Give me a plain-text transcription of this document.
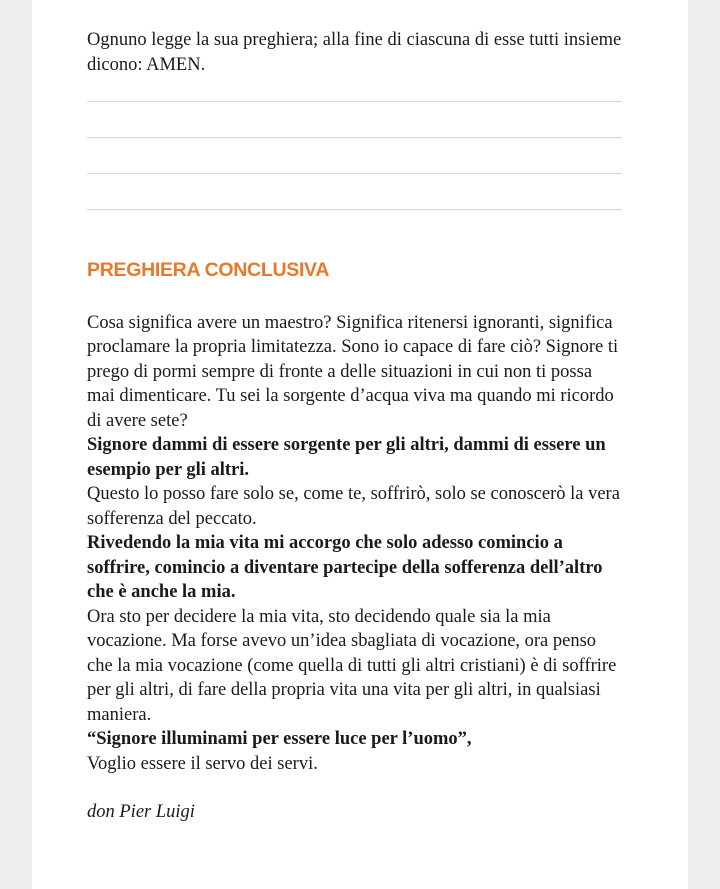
Ognuno legge la sua preghiera; alla fine di ciascuna di esse tutti insieme dicono: AMEN.

PREGHIERA CONCLUSIVA

Cosa significa avere un maestro? Significa ritenersi ignoranti, significa proclamare la propria limitatezza. Sono io capace di fare ciò? Signore ti prego di pormi sempre di fronte a delle situazioni in cui non ti possa mai dimenticare. Tu sei la sorgente d’acqua viva ma quando mi ricordo di avere sete?

Signore dammi di essere sorgente per gli altri, dammi di essere un esempio per gli altri.

Questo lo posso fare solo se, come te, soffrirò, solo se conoscerò la vera sofferenza del peccato.

Rivedendo la mia vita mi accorgo che solo adesso comincio a soffrire, comincio a diventare partecipe della sofferenza dell’altro che è anche la mia.

Ora sto per decidere la mia vita, sto decidendo quale sia la mia vocazione. Ma forse avevo un’idea sbagliata di vocazione, ora penso che la mia vocazione (come quella di tutti gli altri cristiani) è di soffrire per gli altri, di fare della propria vita una vita per gli altri, in qualsiasi maniera.

“Signore illuminami per essere luce per l’uomo”,

Voglio essere il servo dei servi.

don Pier Luigi
